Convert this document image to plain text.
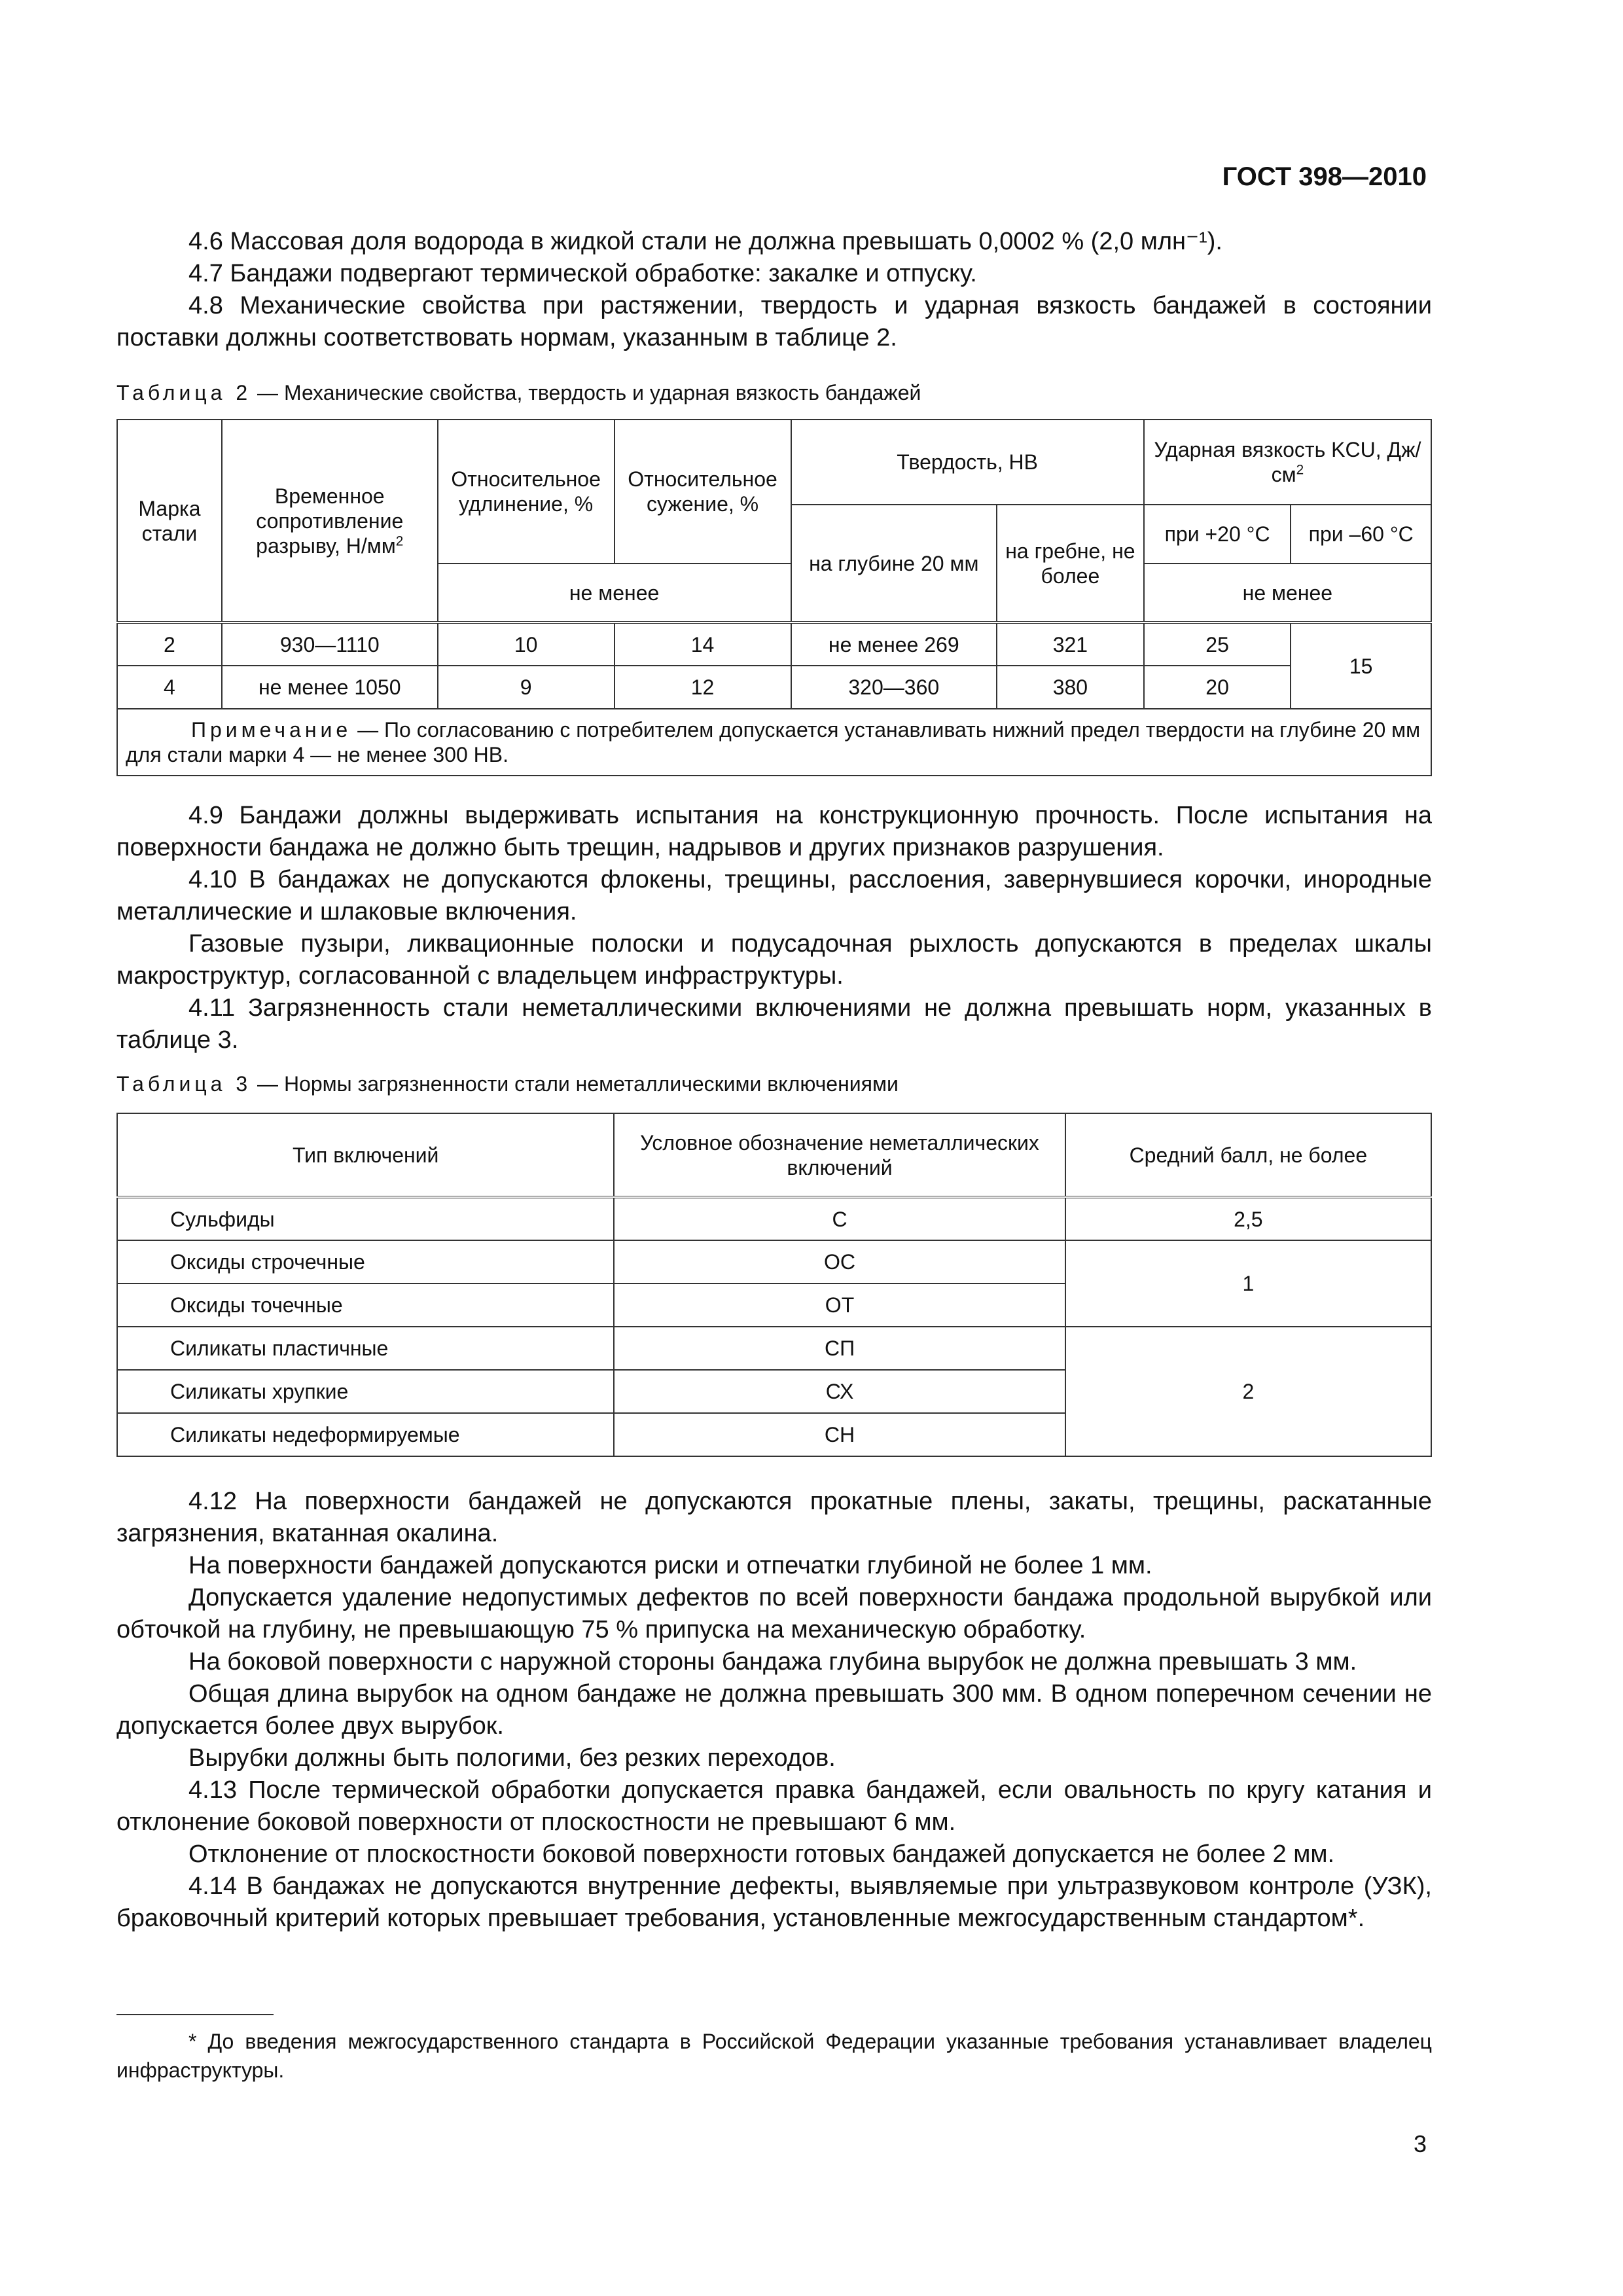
ГОСТ 398—2010

4.6 Массовая доля водорода в жидкой стали не должна превышать 0,0002 % (2,0 млн⁻¹).

4.7 Бандажи подвергают термической обработке: закалке и отпуску.

4.8 Механические свойства при растяжении, твердость и ударная вязкость бандажей в состоянии поставки должны соответствовать нормам, указанным в таблице 2.

Таблица 2 — Механические свойства, твердость и ударная вязкость бандажей
Марка стали	Временное сопротивление разрыву, $Н/мм^2$	Относительное удлинение, %	Относительное сужение, %	Твердость, НВ		Ударная вязкость KCU, $Дж/см^2$
				на глубине 20 мм	на гребне, не более	при +20 °С	при –60 °С
		не менее				не менее	
2	930—1110	10	14	не менее 269	321	25	15
4	не менее 1050	9	12	320—360	380	20	
Примечание — По согласованию с потребителем допускается устанавливать нижний предел твердости на глубине 20 мм для стали марки 4 — не менее 300 НВ.							

4.9 Бандажи должны выдерживать испытания на конструкционную прочность. После испытания на поверхности бандажа не должно быть трещин, надрывов и других признаков разрушения.

4.10 В бандажах не допускаются флокены, трещины, расслоения, завернувшиеся корочки, инородные металлические и шлаковые включения.

Газовые пузыри, ликвационные полоски и подусадочная рыхлость допускаются в пределах шкалы макроструктур, согласованной с владельцем инфраструктуры.

4.11 Загрязненность стали неметаллическими включениями не должна превышать норм, указанных в таблице 3.

Таблица 3 — Нормы загрязненности стали неметаллическими включениями
Тип включений	Условное обозначение неметаллических включений	Средний балл, не более
Сульфиды	С	2,5
Оксиды строчечные	ОС	1
Оксиды точечные	ОТ	
Силикаты пластичные	СП	2
Силикаты хрупкие	СХ	
Силикаты недеформируемые	СН	

4.12 На поверхности бандажей не допускаются прокатные плены, закаты, трещины, раскатанные загрязнения, вкатанная окалина.

На поверхности бандажей допускаются риски и отпечатки глубиной не более 1 мм.

Допускается удаление недопустимых дефектов по всей поверхности бандажа продольной вырубкой или обточкой на глубину, не превышающую 75 % припуска на механическую обработку.

На боковой поверхности с наружной стороны бандажа глубина вырубок не должна превышать 3 мм.

Общая длина вырубок на одном бандаже не должна превышать 300 мм. В одном поперечном сечении не допускается более двух вырубок.

Вырубки должны быть пологими, без резких переходов.

4.13 После термической обработки допускается правка бандажей, если овальность по кругу катания и отклонение боковой поверхности от плоскостности не превышают 6 мм.

Отклонение от плоскостности боковой поверхности готовых бандажей допускается не более 2 мм.

4.14 В бандажах не допускаются внутренние дефекты, выявляемые при ультразвуковом контроле (УЗК), браковочный критерий которых превышает требования, установленные межгосударственным стандартом*.

* До введения межгосударственного стандарта в Российской Федерации указанные требования устанавливает владелец инфраструктуры.

3
